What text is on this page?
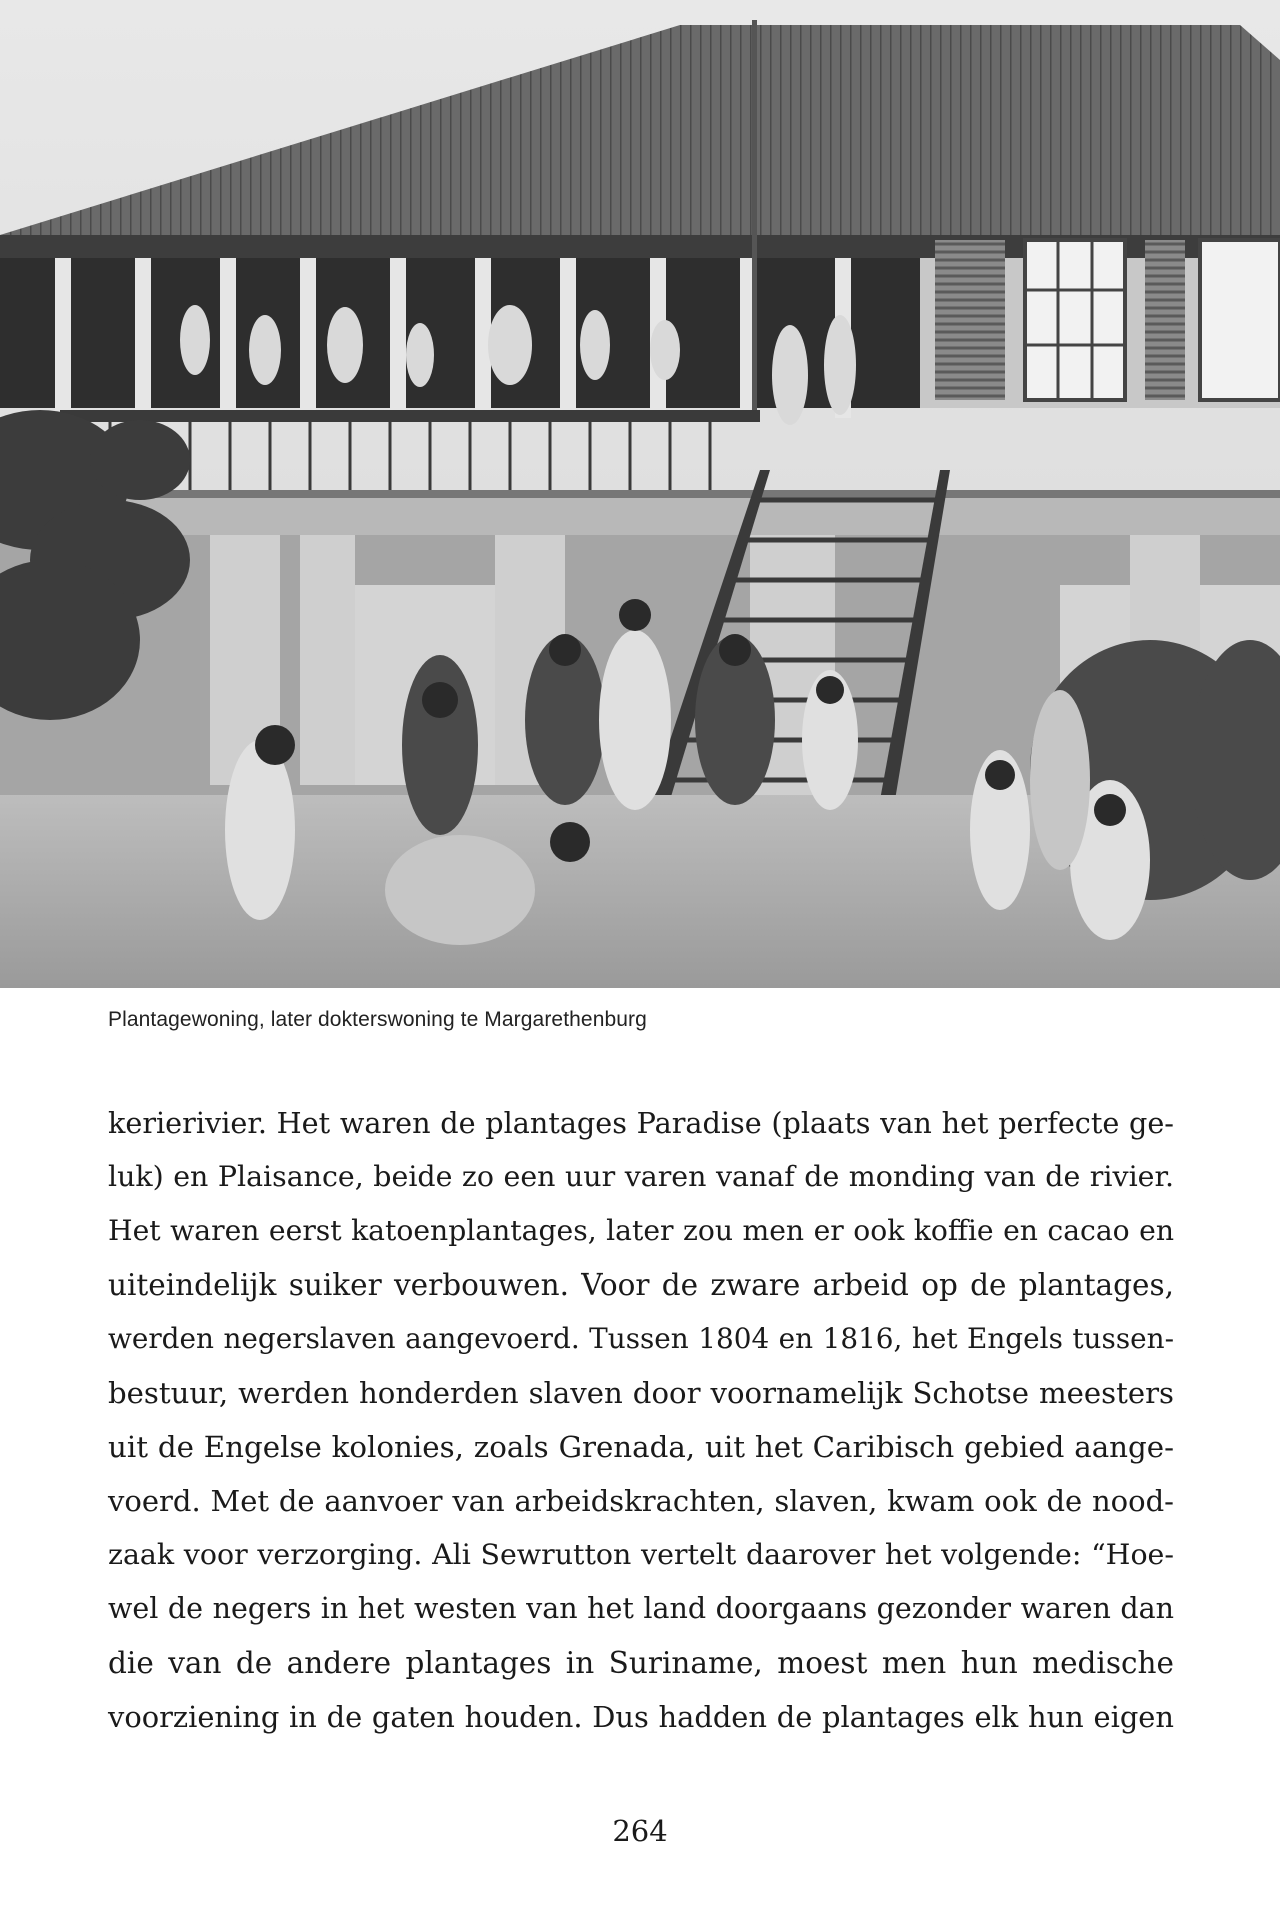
Plantagewoning, later dokterswoning te Margarethenburg
kerierivier. Het waren de plantages Paradise (plaats van het perfecte ge-
luk) en Plaisance, beide zo een uur varen vanaf de monding van de rivier.
Het waren eerst katoenplantages, later zou men er ook koffie en cacao en
uiteindelijk suiker verbouwen. Voor de zware arbeid op de plantages,
werden negerslaven aangevoerd. Tussen 1804 en 1816, het Engels tussen-
bestuur, werden honderden slaven door voornamelijk Schotse meesters
uit de Engelse kolonies, zoals Grenada, uit het Caribisch gebied aange-
voerd. Met de aanvoer van arbeidskrachten, slaven, kwam ook de nood-
zaak voor verzorging. Ali Sewrutton vertelt daarover het volgende: “Hoe-
wel de negers in het westen van het land doorgaans gezonder waren dan
die van de andere plantages in Suriname, moest men hun medische
voorziening in de gaten houden. Dus hadden de plantages elk hun eigen
264
